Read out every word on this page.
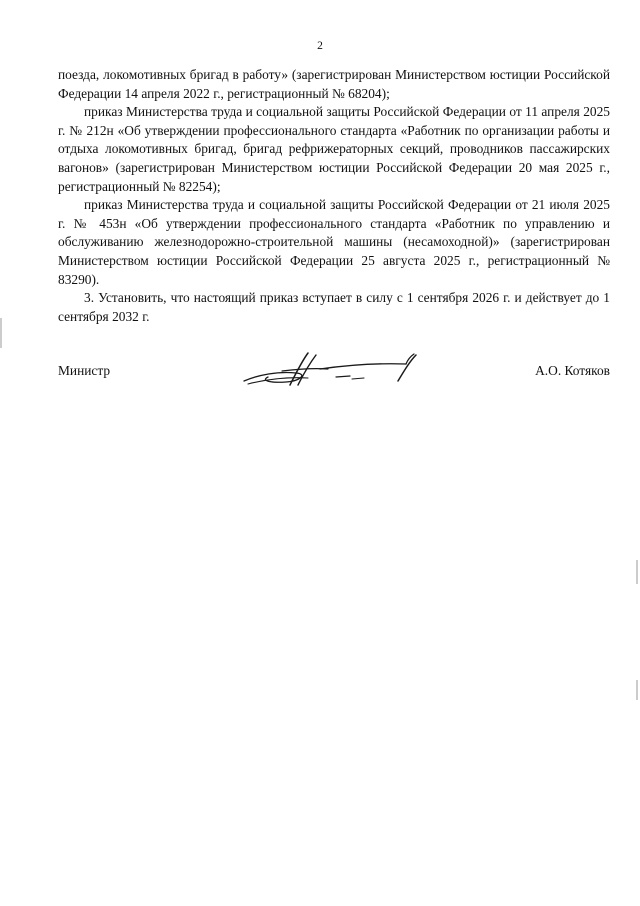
2

поезда, локомотивных бригад в работу» (зарегистрирован Министерством юстиции Российской Федерации 14 апреля 2022 г., регистрационный № 68204);

приказ Министерства труда и социальной защиты Российской Федерации от 11 апреля 2025 г. № 212н «Об утверждении профессионального стандарта «Работник по организации работы и отдыха локомотивных бригад, бригад рефрижераторных секций, проводников пассажирских вагонов» (зарегистрирован Министерством юстиции Российской Федерации 20 мая 2025 г., регистрационный № 82254);

приказ Министерства труда и социальной защиты Российской Федерации от 21 июля 2025 г. № 453н «Об утверждении профессионального стандарта «Работник по управлению и обслуживанию железнодорожно-строительной машины (несамоходной)» (зарегистрирован Министерством юстиции Российской Федерации 25 августа 2025 г., регистрационный № 83290).

3. Установить, что настоящий приказ вступает в силу с 1 сентября 2026 г. и действует до 1 сентября 2032 г.

Министр	А.О. Котяков
